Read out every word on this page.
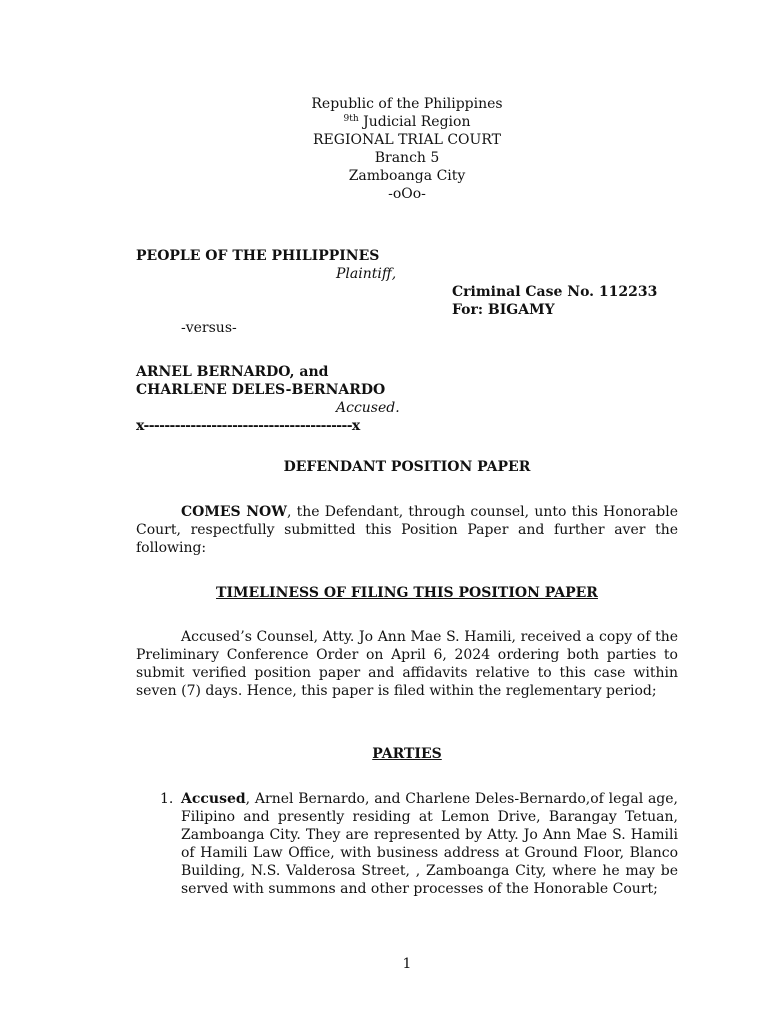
Republic of the Philippines
$^{9th}$ Judicial Region
REGIONAL TRIAL COURT
Branch 5
Zamboanga City
-oOo-
PEOPLE OF THE PHILIPPINES
Plaintiff,
Criminal Case No. 112233
For: BIGAMY
-versus-
ARNEL BERNARDO, and
CHARLENE DELES-BERNARDO
Accused.
x----------------------------------------x
DEFENDANT POSITION PAPER
COMES NOW, the Defendant, through counsel, unto this Honorable Court, respectfully submitted this Position Paper and further aver the following:
TIMELINESS OF FILING THIS POSITION PAPER
Accused’s Counsel, Atty. Jo Ann Mae S. Hamili, received a copy of the Preliminary Conference Order on April 6, 2024 ordering both parties to submit verified position paper and affidavits relative to this case within seven (7) days. Hence, this paper is filed within the reglementary period;
PARTIES
1. Accused, Arnel Bernardo, and Charlene Deles-Bernardo,of legal age, Filipino and presently residing at Lemon Drive, Barangay Tetuan, Zamboanga City. They are represented by Atty. Jo Ann Mae S. Hamili of Hamili Law Office, with business address at Ground Floor, Blanco Building, N.S. Valderosa Street, , Zamboanga City, where he may be served with summons and other processes of the Honorable Court;
1
